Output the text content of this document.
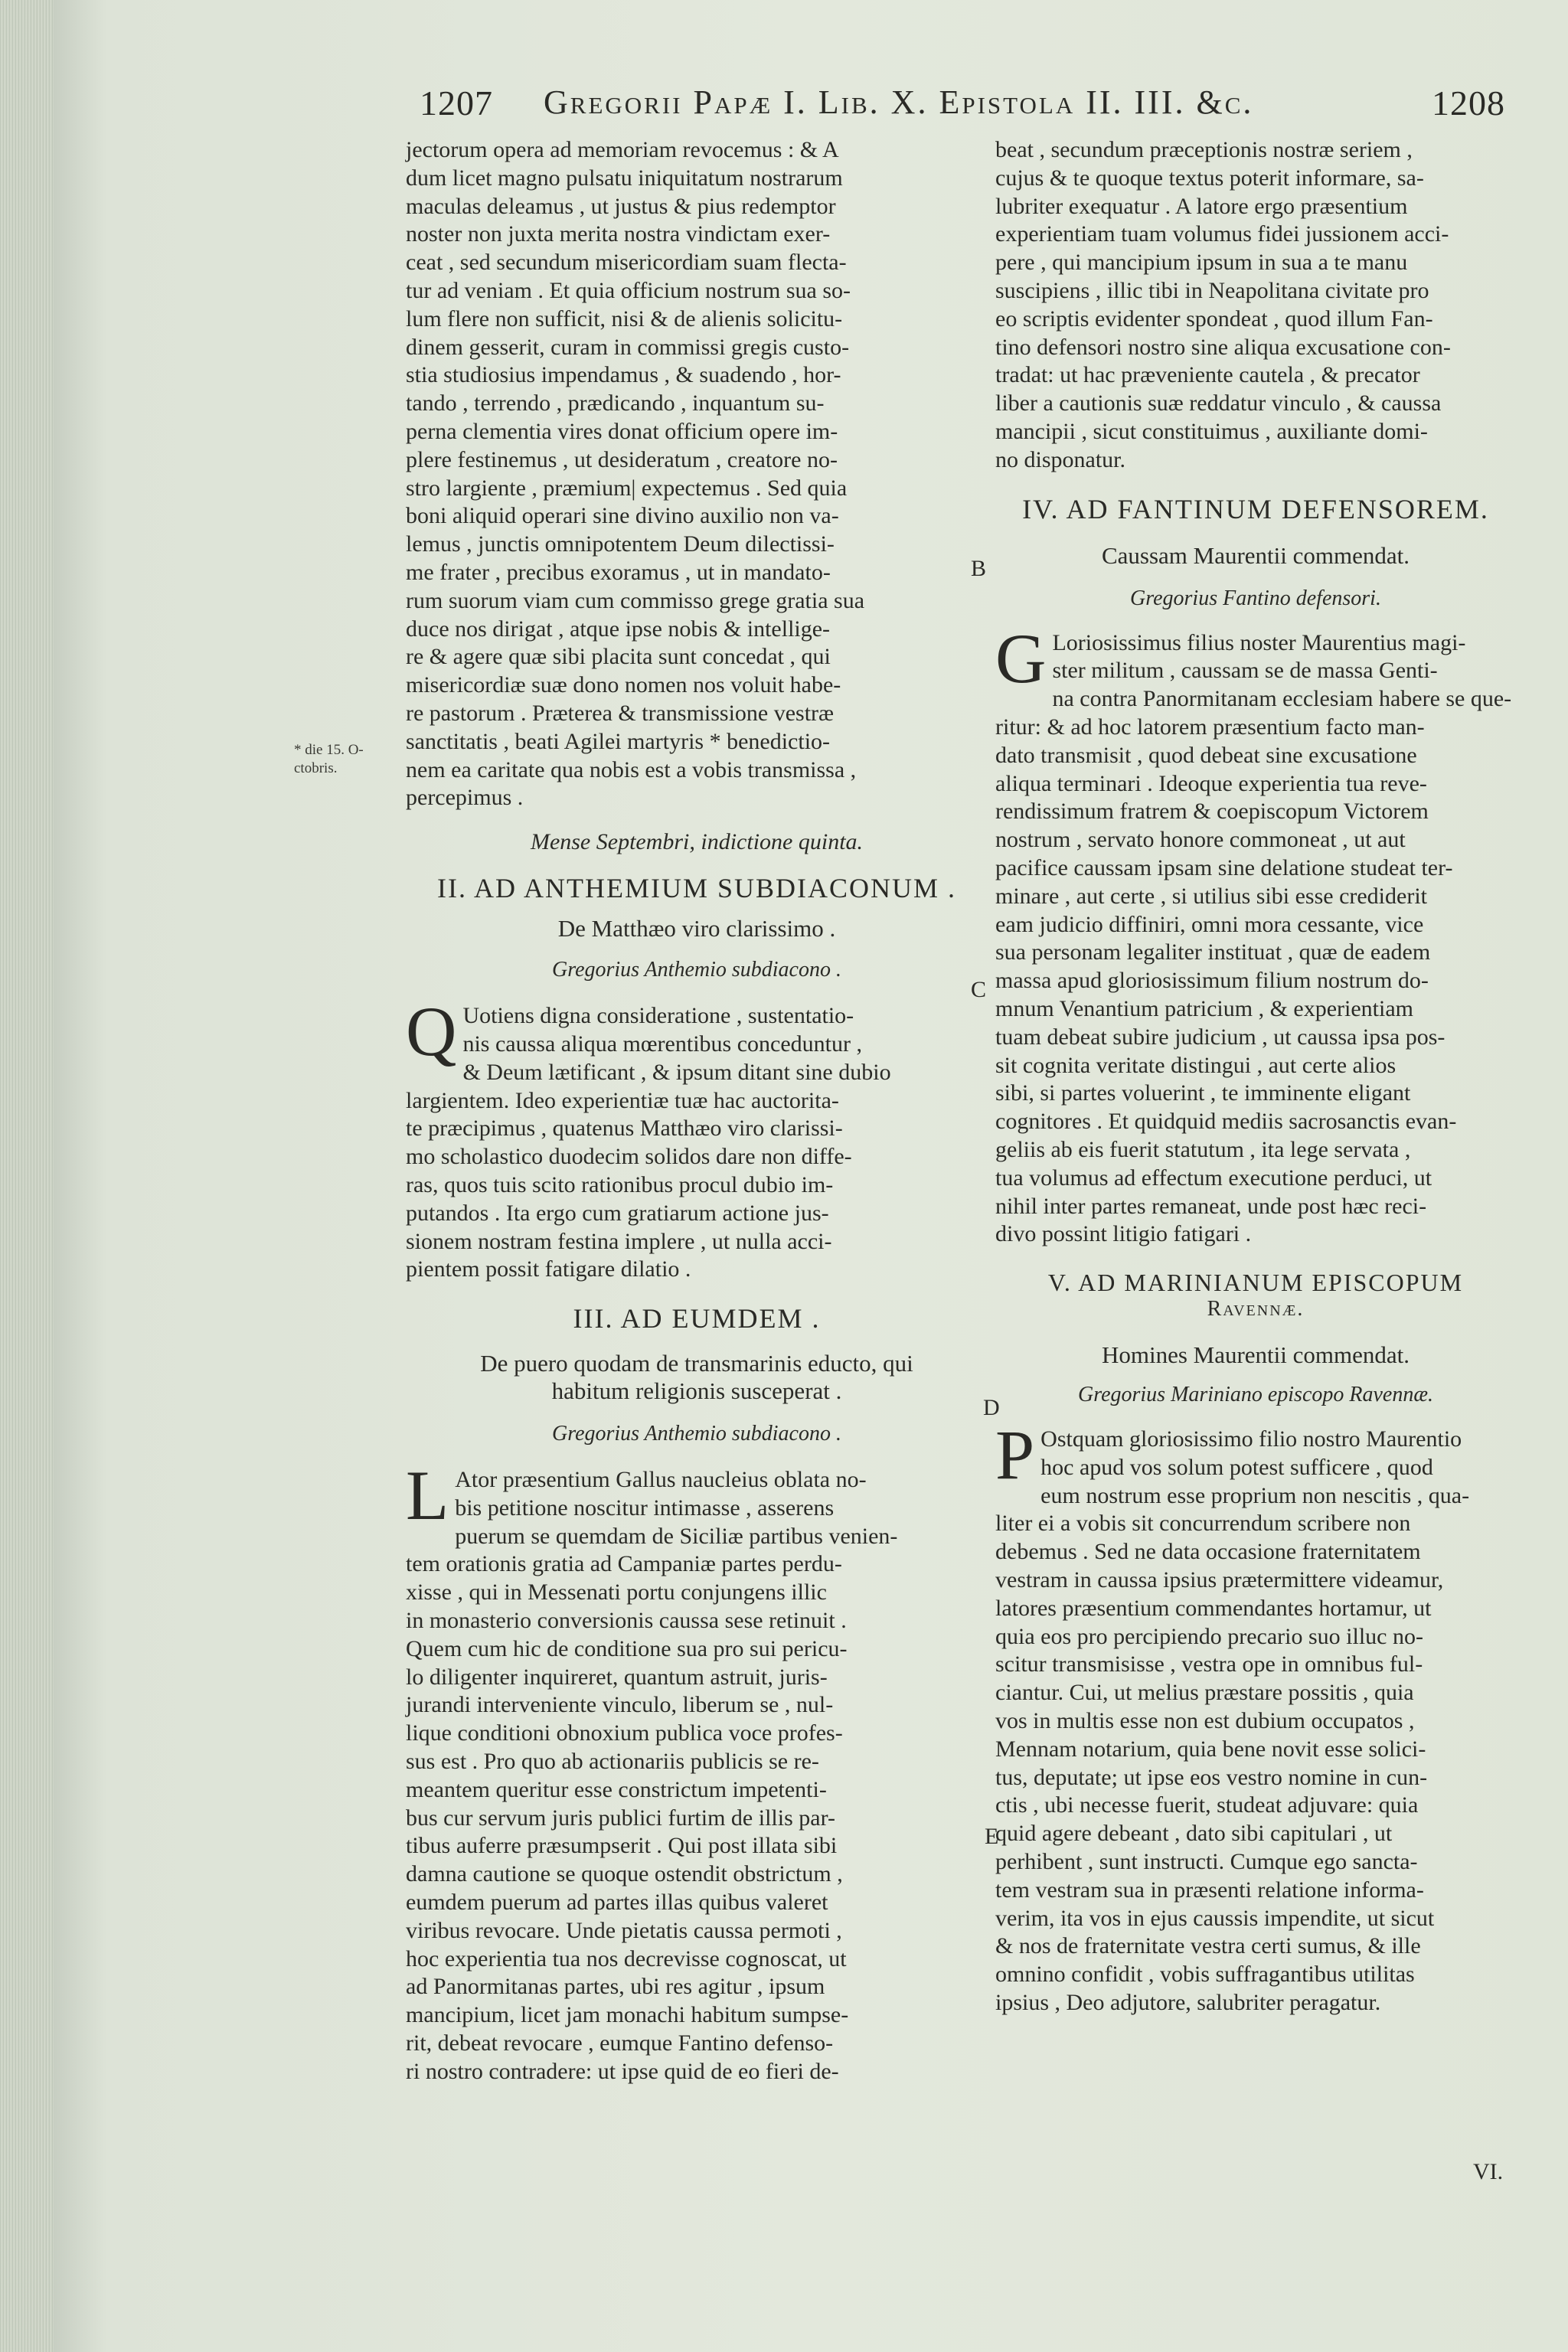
1207 Gregorii Papæ I. Lib. X. Epistola II. III. &c.	1208
* die 15. O-
ctobris.
B
C
D
E
jectorum opera ad memoriam revocemus : & A
dum licet magno pulsatu iniquitatum nostrarum
maculas deleamus , ut justus & pius redemptor
noster non juxta merita nostra vindictam exer-
ceat , sed secundum misericordiam suam flecta-
tur ad veniam . Et quia officium nostrum sua so-
lum flere non sufficit, nisi & de alienis solicitu-
dinem gesserit, curam in commissi gregis custo-
stia studiosius impendamus , & suadendo , hor-
tando , terrendo , prædicando , inquantum su-
perna clementia vires donat officium opere im-
plere festinemus , ut desideratum , creatore no-
stro largiente , præmium| expectemus . Sed quia
boni aliquid operari sine divino auxilio non va-
lemus , junctis omnipotentem Deum dilectissi-
me frater , precibus exoramus , ut in mandato-
rum suorum viam cum commisso grege gratia sua
duce nos dirigat , atque ipse nobis & intellige-
re & agere quæ sibi placita sunt concedat , qui
misericordiæ suæ dono nomen nos voluit habe-
re pastorum . Præterea & transmissione vestræ
sanctitatis , beati Agilei martyris * benedictio-
nem ea caritate qua nobis est a vobis transmissa ,
percepimus .
Mense Septembri, indictione quinta.
II. AD ANTHEMIUM SUBDIACONUM .
De Matthæo viro clarissimo .
Gregorius Anthemio subdiacono .
Q Uotiens digna consideratione , sustentatio-
nis caussa aliqua mœrentibus conceduntur ,
& Deum lætificant , & ipsum ditant sine dubio
largientem. Ideo experientiæ tuæ hac auctorita-
te præcipimus , quatenus Matthæo viro clarissi-
mo scholastico duodecim solidos dare non diffe-
ras, quos tuis scito rationibus procul dubio im-
putandos . Ita ergo cum gratiarum actione jus-
sionem nostram festina implere , ut nulla acci-
pientem possit fatigare dilatio .
III. AD EUMDEM .
De puero quodam de transmarinis educto, qui
habitum religionis susceperat .
Gregorius Anthemio subdiacono .
L Ator præsentium Gallus naucleius oblata no-
bis petitione noscitur intimasse , asserens
puerum se quemdam de Siciliæ partibus venien-
tem orationis gratia ad Campaniæ partes perdu-
xisse , qui in Messenati portu conjungens illic
in monasterio conversionis caussa sese retinuit .
Quem cum hic de conditione sua pro sui pericu-
lo diligenter inquireret, quantum astruit, juris-
jurandi interveniente vinculo, liberum se , nul-
lique conditioni obnoxium publica voce profes-
sus est . Pro quo ab actionariis publicis se re-
meantem queritur esse constrictum impetenti-
bus cur servum juris publici furtim de illis par-
tibus auferre præsumpserit . Qui post illata sibi
damna cautione se quoque ostendit obstrictum ,
eumdem puerum ad partes illas quibus valeret
viribus revocare. Unde pietatis caussa permoti ,
hoc experientia tua nos decrevisse cognoscat, ut
ad Panormitanas partes, ubi res agitur , ipsum
mancipium, licet jam monachi habitum sumpse-
rit, debeat revocare , eumque Fantino defenso-
ri nostro contradere: ut ipse quid de eo fieri de-
beat , secundum præceptionis nostræ seriem ,
cujus & te quoque textus poterit informare, sa-
lubriter exequatur . A latore ergo præsentium
experientiam tuam volumus fidei jussionem acci-
pere , qui mancipium ipsum in sua a te manu
suscipiens , illic tibi in Neapolitana civitate pro
eo scriptis evidenter spondeat , quod illum Fan-
tino defensori nostro sine aliqua excusatione con-
tradat: ut hac præveniente cautela , & precator
liber a cautionis suæ reddatur vinculo , & caussa
mancipii , sicut constituimus , auxiliante domi-
no disponatur.
IV. AD FANTINUM DEFENSOREM.
Caussam Maurentii commendat.
Gregorius Fantino defensori.
G Loriosissimus filius noster Maurentius magi-
ster militum , caussam se de massa Genti-
na contra Panormitanam ecclesiam habere se que-
ritur: & ad hoc latorem præsentium facto man-
dato transmisit , quod debeat sine excusatione
aliqua terminari . Ideoque experientia tua reve-
rendissimum fratrem & coepiscopum Victorem
nostrum , servato honore commoneat , ut aut
pacifice caussam ipsam sine delatione studeat ter-
minare , aut certe , si utilius sibi esse crediderit
eam judicio diffiniri, omni mora cessante, vice
sua personam legaliter instituat , quæ de eadem
massa apud gloriosissimum filium nostrum do-
mnum Venantium patricium , & experientiam
tuam debeat subire judicium , ut caussa ipsa pos-
sit cognita veritate distingui , aut certe alios
sibi, si partes voluerint , te imminente eligant
cognitores . Et quidquid mediis sacrosanctis evan-
geliis ab eis fuerit statutum , ita lege servata ,
tua volumus ad effectum executione perduci, ut
nihil inter partes remaneat, unde post hæc reci-
divo possint litigio fatigari .
V. AD MARINIANUM EPISCOPUM
Ravennæ.
Homines Maurentii commendat.
Gregorius Mariniano episcopo Ravennæ.
P Ostquam gloriosissimo filio nostro Maurentio
hoc apud vos solum potest sufficere , quod
eum nostrum esse proprium non nescitis , qua-
liter ei a vobis sit concurrendum scribere non
debemus . Sed ne data occasione fraternitatem
vestram in caussa ipsius prætermittere videamur,
latores præsentium commendantes hortamur, ut
quia eos pro percipiendo precario suo illuc no-
scitur transmisisse , vestra ope in omnibus ful-
ciantur. Cui, ut melius præstare possitis , quia
vos in multis esse non est dubium occupatos ,
Mennam notarium, quia bene novit esse solici-
tus, deputate; ut ipse eos vestro nomine in cun-
ctis , ubi necesse fuerit, studeat adjuvare: quia
quid agere debeant , dato sibi capitulari , ut
perhibent , sunt instructi. Cumque ego sancta-
tem vestram sua in præsenti relatione informa-
verim, ita vos in ejus caussis impendite, ut sicut
& nos de fraternitate vestra certi sumus, & ille
omnino confidit , vobis suffragantibus utilitas
ipsius , Deo adjutore, salubriter peragatur.
VI.
